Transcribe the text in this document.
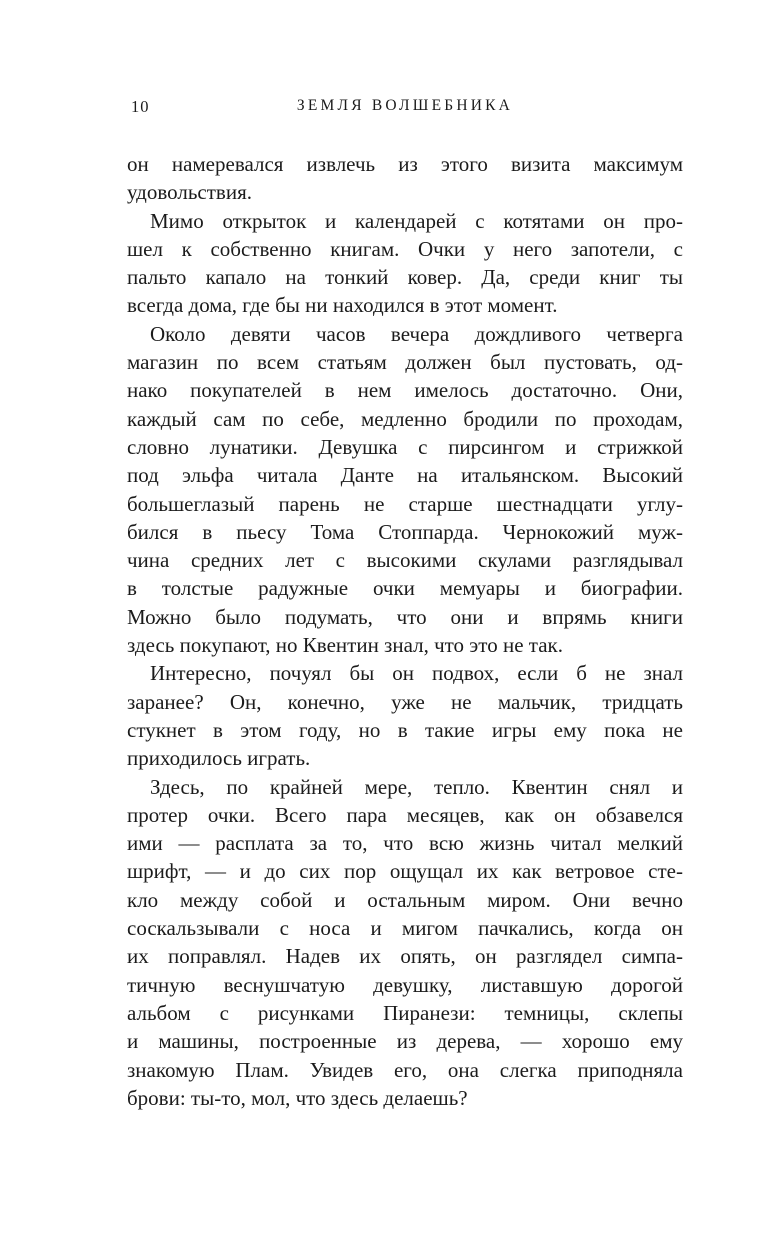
10	ЗЕМЛЯ ВОЛШЕБНИКА
он намеревался извлечь из этого визита максимум
удовольствия.
Мимо открыток и календарей с котятами он про-
шел к собственно книгам. Очки у него запотели, с
пальто капало на тонкий ковер. Да, среди книг ты
всегда дома, где бы ни находился в этот момент.
Около девяти часов вечера дождливого четверга
магазин по всем статьям должен был пустовать, од-
нако покупателей в нем имелось достаточно. Они,
каждый сам по себе, медленно бродили по проходам,
словно лунатики. Девушка с пирсингом и стрижкой
под эльфа читала Данте на итальянском. Высокий
большеглазый парень не старше шестнадцати углу-
бился в пьесу Тома Стоппарда. Чернокожий муж-
чина средних лет с высокими скулами разглядывал
в толстые радужные очки мемуары и биографии.
Можно было подумать, что они и впрямь книги
здесь покупают, но Квентин знал, что это не так.
Интересно, почуял бы он подвох, если б не знал
заранее? Он, конечно, уже не мальчик, тридцать
стукнет в этом году, но в такие игры ему пока не
приходилось играть.
Здесь, по крайней мере, тепло. Квентин снял и
протер очки. Всего пара месяцев, как он обзавелся
ими — расплата за то, что всю жизнь читал мелкий
шрифт, — и до сих пор ощущал их как ветровое сте-
кло между собой и остальным миром. Они вечно
соскальзывали с носа и мигом пачкались, когда он
их поправлял. Надев их опять, он разглядел симпа-
тичную веснушчатую девушку, листавшую дорогой
альбом с рисунками Пиранези: темницы, склепы
и машины, построенные из дерева, — хорошо ему
знакомую Плам. Увидев его, она слегка приподняла
брови: ты-то, мол, что здесь делаешь?
